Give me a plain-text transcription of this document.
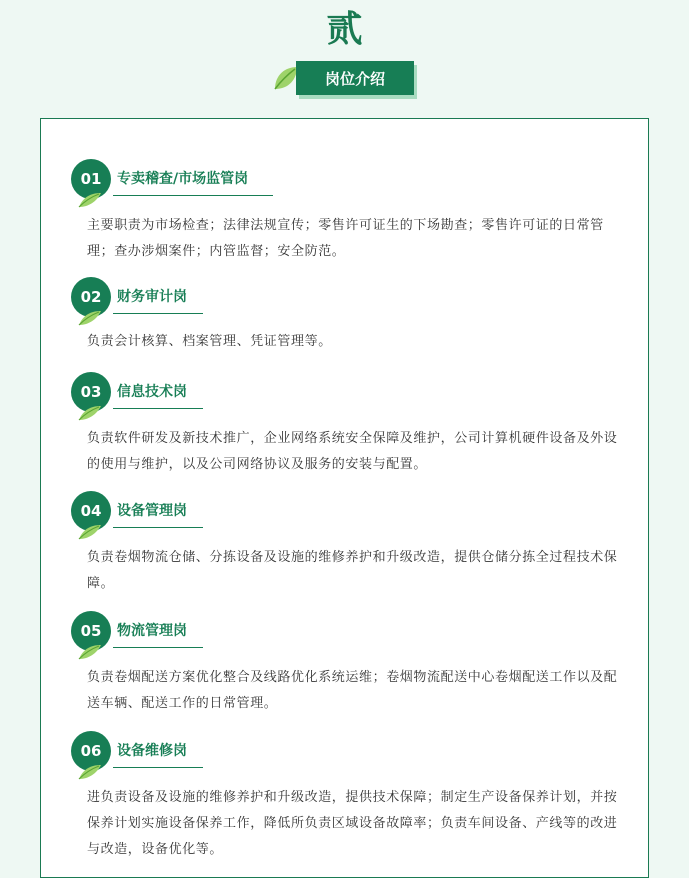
贰
岗位介绍
01	专卖稽查/市场监管岗
主要职责为市场检查；法律法规宣传；零售许可证生的下场勘查；零售许可证的日常管理；查办涉烟案件；内管监督；安全防范。
02	财务审计岗
负责会计核算、档案管理、凭证管理等。
03	信息技术岗
负责软件研发及新技术推广，企业网络系统安全保障及维护，公司计算机硬件设备及外设的使用与维护，以及公司网络协议及服务的安装与配置。
04	设备管理岗
负责卷烟物流仓储、分拣设备及设施的维修养护和升级改造，提供仓储分拣全过程技术保障。
05	物流管理岗
负责卷烟配送方案优化整合及线路优化系统运维；卷烟物流配送中心卷烟配送工作以及配送车辆、配送工作的日常管理。
06	设备维修岗
进负责设备及设施的维修养护和升级改造，提供技术保障；制定生产设备保养计划，并按保养计划实施设备保养工作，降低所负责区域设备故障率；负责车间设备、产线等的改进与改造，设备优化等。
